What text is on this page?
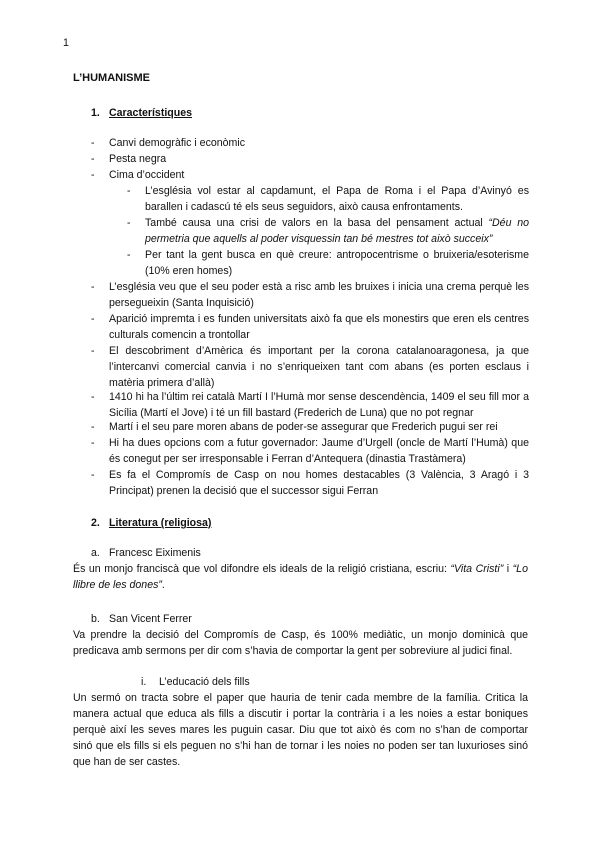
1
L’HUMANISME
1. Característiques
- Canvi demogràfic i econòmic
- Pesta negra
- Cima d’occident
- L’església vol estar al capdamunt, el Papa de Roma i el Papa d’Avinyó es barallen i cadascú té els seus seguidors, això causa enfrontaments.
- També causa una crisi de valors en la basa del pensament actual “Déu no permetria que aquells al poder visquessin tan bé mestres tot això succeix”
- Per tant la gent busca en què creure: antropocentrisme o bruixeria/esoterisme (10% eren homes)
- L’església veu que el seu poder està a risc amb les bruixes i inicia una crema perquè les persegueixin (Santa Inquisició)
- Aparició impremta i es funden universitats això fa que els monestirs que eren els centres culturals comencin a trontollar
- El descobriment d’Amèrica és important per la corona catalanoaragonesa, ja que l’intercanvi comercial canvia i no s’enriqueixen tant com abans (es porten esclaus i matèria primera d’allà)
- 1410 hi ha l’últim rei català Martí I l’Humà mor sense descendència, 1409 el seu fill mor a Sicília (Martí el Jove) i té un fill bastard (Frederich de Luna) que no pot regnar
- Martí i el seu pare moren abans de poder-se assegurar que Frederich pugui ser rei
- Hi ha dues opcions com a futur governador: Jaume d’Urgell (oncle de Martí l’Humà) que és conegut per ser irresponsable i Ferran d’Antequera (dinastia Trastàmera)
- Es fa el Compromís de Casp on nou homes destacables (3 València, 3 Aragó i 3 Principat) prenen la decisió que el successor sigui Ferran
2. Literatura (religiosa)
a. Francesc Eiximenis
És un monjo franciscà que vol difondre els ideals de la religió cristiana, escriu: “Vita Cristi” i “Lo llibre de les dones”.
b. San Vicent Ferrer
Va prendre la decisió del Compromís de Casp, és 100% mediàtic, un monjo dominicà que predicava amb sermons per dir com s’havia de comportar la gent per sobreviure al judici final.
i. L’educació dels fills
Un sermó on tracta sobre el paper que hauria de tenir cada membre de la família. Critica la manera actual que educa als fills a discutir i portar la contrària i a les noies a estar boniques perquè així les seves mares les puguin casar. Diu que tot això és com no s’han de comportar sinó que els fills si els peguen no s’hi han de tornar i les noies no poden ser tan luxurioses sinó que han de ser castes.
